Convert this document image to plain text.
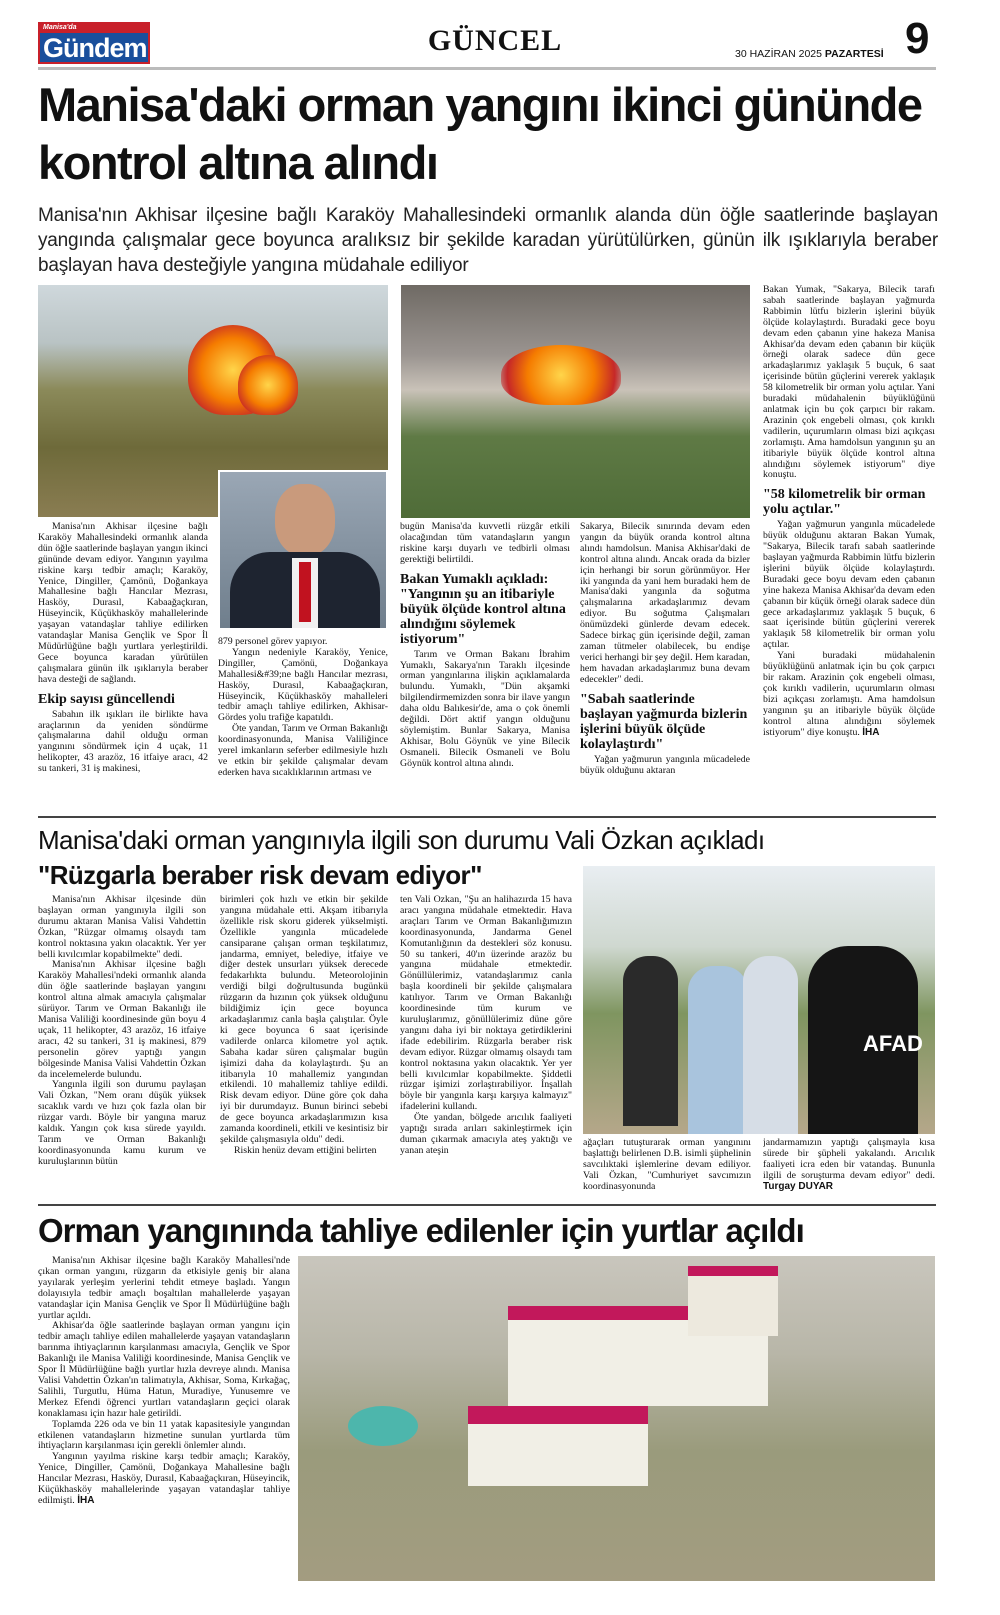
Manisa'da
Gündem	GÜNCEL	30 HAZİRAN 2025 PAZARTESİ 9
Manisa'daki orman yangını ikinci gününde kontrol altına alındı
Manisa'nın Akhisar ilçesine bağlı Karaköy Mahallesindeki ormanlık alanda dün öğle saatlerinde başlayan yangında çalışmalar gece boyunca aralıksız bir şekilde karadan yürütülürken, günün ilk ışıklarıyla beraber başlayan hava desteğiyle yangına müdahale ediliyor

Manisa'nın Akhisar ilçesine bağlı Karaköy Mahallesindeki ormanlık alanda dün öğle saatlerinde başlayan yangın ikinci gününde devam ediyor. Yangının yayılma riskine karşı tedbir amaçlı; Karaköy, Yenice, Dingiller, Çamönü, Doğankaya Mahallesine bağlı Hancılar Mezrası, Hasköy, Durasıl, Kabaağaçkıran, Hüseyincik, Küçükhasköy mahallelerinde yaşayan vatandaşlar tahliye edilirken vatandaşlar Manisa Gençlik ve Spor İl Müdürlüğüne bağlı yurtlara yerleştirildi. Gece boyunca karadan yürütülen çalışmalara günün ilk ışıklarıyla beraber hava desteği de sağlandı.

Ekip sayısı güncellendi

Sabahın ilk ışıkları ile birlikte hava araçlarının da yeniden söndürme çalışmalarına dahil olduğu orman yangınını söndürmek için 4 uçak, 11 helikopter, 43 arazöz, 16 itfaiye aracı, 42 su tankeri, 31 iş makinesi,

879 personel görev yapıyor.

Yangın nedeniyle Karaköy, Yenice, Dingiller, Çamönü, Doğankaya Mahallesi&#39;ne bağlı Hancılar mezrası, Hasköy, Durasıl, Kabaağaçkıran, Hüseyincik, Küçükhasköy mahalleleri tedbir amaçlı tahliye edilirken, Akhisar-Gördes yolu trafiğe kapatıldı.

Öte yandan, Tarım ve Orman Bakanlığı koordinasyonunda, Manisa Valiliğince yerel imkanların seferber edilmesiyle hızlı ve etkin bir şekilde çalışmalar devam ederken hava sıcaklıklarının artması ve

bugün Manisa'da kuvvetli rüzgâr etkili olacağından tüm vatandaşların yangın riskine karşı duyarlı ve tedbirli olması gerektiği belirtildi.

Bakan Yumaklı açıkladı: "Yangının şu an itibariyle büyük ölçüde kontrol altına alındığını söylemek istiyorum"

Tarım ve Orman Bakanı İbrahim Yumaklı, Sakarya'nın Taraklı ilçesinde orman yangınlarına ilişkin açıklamalarda bulundu. Yumaklı, "Dün akşamki bilgilendirmemizden sonra bir ilave yangın daha oldu Balıkesir'de, ama o çok önemli değildi. Dört aktif yangın olduğunu söylemiştim. Bunlar Sakarya, Manisa Akhisar, Bolu Göynük ve yine Bilecik Osmaneli. Bilecik Osmaneli ve Bolu Göynük kontrol altına alındı.

Sakarya, Bilecik sınırında devam eden yangın da büyük oranda kontrol altına alındı hamdolsun. Manisa Akhisar'daki de kontrol altına alındı. Ancak orada da bizler için herhangi bir sorun görünmüyor. Her iki yangında da yani hem buradaki hem de Manisa'daki yangınla da soğutma çalışmalarına arkadaşlarımız devam ediyor. Bu soğutma Çalışmaları önümüzdeki günlerde devam edecek. Sadece birkaç gün içerisinde değil, zaman zaman tütmeler olabilecek, bu endişe verici herhangi bir şey değil. Hem karadan, hem havadan arkadaşlarımız buna devam edecekler" dedi.

"Sabah saatlerinde başlayan yağmurda bizlerin işlerini büyük ölçüde kolaylaştırdı"

Yağan yağmurun yangınla mücadelede büyük olduğunu aktaran

Bakan Yumak, "Sakarya, Bilecik tarafı sabah saatlerinde başlayan yağmurda Rabbimin lütfu bizlerin işlerini büyük ölçüde kolaylaştırdı. Buradaki gece boyu devam eden çabanın yine hakeza Manisa Akhisar'da devam eden çabanın bir küçük örneği olarak sadece dün gece arkadaşlarımız yaklaşık 5 buçuk, 6 saat içerisinde bütün güçlerini vererek yaklaşık 58 kilometrelik bir orman yolu açtılar. Yani buradaki müdahalenin büyüklüğünü anlatmak için bu çok çarpıcı bir rakam. Arazinin çok engebeli olması, çok kırıklı vadilerin, uçurumların olması bizi açıkçası zorlamıştı. Ama hamdolsun yangının şu an itibariyle büyük ölçüde kontrol altına alındığını söylemek istiyorum" diye konuştu.

"58 kilometrelik bir orman yolu açtılar."

Yağan yağmurun yangınla mücadelede büyük olduğunu aktaran Bakan Yumak, "Sakarya, Bilecik tarafı sabah saatlerinde başlayan yağmurda Rabbimin lütfu bizlerin işlerini büyük ölçüde kolaylaştırdı. Buradaki gece boyu devam eden çabanın yine hakeza Manisa Akhisar'da devam eden çabanın bir küçük örneği olarak sadece dün gece arkadaşlarımız yaklaşık 5 buçuk, 6 saat içerisinde bütün güçlerini vererek yaklaşık 58 kilometrelik bir orman yolu açtılar.

Yani buradaki müdahalenin büyüklüğünü anlatmak için bu çok çarpıcı bir rakam. Arazinin çok engebeli olması, çok kırıklı vadilerin, uçurumların olması bizi açıkçası zorlamıştı. Ama hamdolsun yangının şu an itibariyle büyük ölçüde kontrol altına alındığını söylemek istiyorum" diye konuştu. İHA

Manisa'daki orman yangınıyla ilgili son durumu Vali Özkan açıkladı
"Rüzgarla beraber risk devam ediyor"

Manisa'nın Akhisar ilçesinde dün başlayan orman yangınıyla ilgili son durumu aktaran Manisa Valisi Vahdettin Özkan, "Rüzgar olmamış olsaydı tam kontrol noktasına yakın olacaktık. Yer yer belli kıvılcımlar kopabilmekte" dedi.

Manisa'nın Akhisar ilçesine bağlı Karaköy Mahallesi'ndeki ormanlık alanda dün öğle saatlerinde başlayan yangını kontrol altına almak amacıyla çalışmalar sürüyor. Tarım ve Orman Bakanlığı ile Manisa Valiliği koordinesinde gün boyu 4 uçak, 11 helikopter, 43 arazöz, 16 itfaiye aracı, 42 su tankeri, 31 iş makinesi, 879 personelin görev yaptığı yangın bölgesinde Manisa Valisi Vahdettin Özkan da incelemelerde bulundu.

Yangınla ilgili son durumu paylaşan Vali Özkan, "Nem oranı düşük yüksek sıcaklık vardı ve hızı çok fazla olan bir rüzgar vardı. Böyle bir yangına maruz kaldık. Yangın çok kısa sürede yayıldı. Tarım ve Orman Bakanlığı koordinasyonunda kamu kurum ve kuruluşlarının bütün

birimleri çok hızlı ve etkin bir şekilde yangına müdahale etti. Akşam itibarıyla özellikle risk skoru giderek yükselmişti. Özellikle yangınla mücadelede cansiparane çalışan orman teşkilatımız, jandarma, emniyet, belediye, itfaiye ve diğer destek unsurları yüksek derecede fedakarlıkta bulundu. Meteorolojinin verdiği bilgi doğrultusunda bugünkü rüzgarın da hızının çok yüksek olduğunu bildiğimiz için gece boyunca arkadaşlarımız canla başla çalıştılar. Öyle ki gece boyunca 6 saat içerisinde vadilerde onlarca kilometre yol açtık. Sabaha kadar süren çalışmalar bugün işimizi daha da kolaylaştırdı. Şu an itibarıyla 10 mahallemiz yangından etkilendi. 10 mahallemiz tahliye edildi. Risk devam ediyor. Düne göre çok daha iyi bir durumdayız. Bunun birinci sebebi de gece boyunca arkadaşlarımızın kısa zamanda koordineli, etkili ve kesintisiz bir şekilde çalışmasıyla oldu" dedi.

Riskin henüz devam ettiğini belirten

ten Vali Özkan, "Şu an halihazırda 15 hava aracı yangına müdahale etmektedir. Hava araçları Tarım ve Orman Bakanlığımızın koordinasyonunda, Jandarma Genel Komutanlığının da destekleri söz konusu. 50 su tankeri, 40'ın üzerinde arazöz bu yangına müdahale etmektedir. Gönüllülerimiz, vatandaşlarımız canla başla koordineli bir şekilde çalışmalara katılıyor. Tarım ve Orman Bakanlığı koordinesinde tüm kurum ve kuruluşlarımız, gönüllülerimiz düne göre yangını daha iyi bir noktaya getirdiklerini ifade edebilirim. Rüzgarla beraber risk devam ediyor. Rüzgar olmamış olsaydı tam kontrol noktasına yakın olacaktık. Yer yer belli kıvılcımlar kopabilmekte. Şiddetli rüzgar işimizi zorlaştırabiliyor. İnşallah böyle bir yangınla karşı karşıya kalmayız" ifadelerini kullandı.

Öte yandan, bölgede arıcılık faaliyeti yaptığı sırada arıları sakinleştirmek için duman çıkarmak amacıyla ateş yaktığı ve yanan ateşin

AFAD

ağaçları tutuşturarak orman yangınını başlattığı belirlenen D.B. isimli şüphelinin savcılıktaki işlemlerine devam ediliyor. Vali Özkan, "Cumhuriyet savcımızın koordinasyonunda

jandarmamızın yaptığı çalışmayla kısa sürede bir şüpheli yakalandı. Arıcılık faaliyeti icra eden bir vatandaş. Bununla ilgili de soruşturma devam ediyor" dedi. Turgay DUYAR

Orman yangınında tahliye edilenler için yurtlar açıldı

Manisa'nın Akhisar ilçesine bağlı Karaköy Mahallesi'nde çıkan orman yangını, rüzgarın da etkisiyle geniş bir alana yayılarak yerleşim yerlerini tehdit etmeye başladı. Yangın dolayısıyla tedbir amaçlı boşaltılan mahallelerde yaşayan vatandaşlar için Manisa Gençlik ve Spor İl Müdürlüğüne bağlı yurtlar açıldı.

Akhisar'da öğle saatlerinde başlayan orman yangını için tedbir amaçlı tahliye edilen mahallelerde yaşayan vatandaşların barınma ihtiyaçlarının karşılanması amacıyla, Gençlik ve Spor Bakanlığı ile Manisa Valiliği koordinesinde, Manisa Gençlik ve Spor İl Müdürlüğüne bağlı yurtlar hızla devreye alındı. Manisa Valisi Vahdettin Özkan'ın talimatıyla, Akhisar, Soma, Kırkağaç, Salihli, Turgutlu, Hüma Hatun, Muradiye, Yunusemre ve Merkez Efendi öğrenci yurtları vatandaşların geçici olarak konaklaması için hazır hale getirildi.

Toplamda 226 oda ve bin 11 yatak kapasitesiyle yangından etkilenen vatandaşların hizmetine sunulan yurtlarda tüm ihtiyaçların karşılanması için gerekli önlemler alındı.

Yangının yayılma riskine karşı tedbir amaçlı; Karaköy, Yenice, Dingiller, Çamönü, Doğankaya Mahallesine bağlı Hancılar Mezrası, Hasköy, Durasıl, Kabaağaçkıran, Hüseyincik, Küçükhasköy mahallelerinde yaşayan vatandaşlar tahliye edilmişti. İHA
